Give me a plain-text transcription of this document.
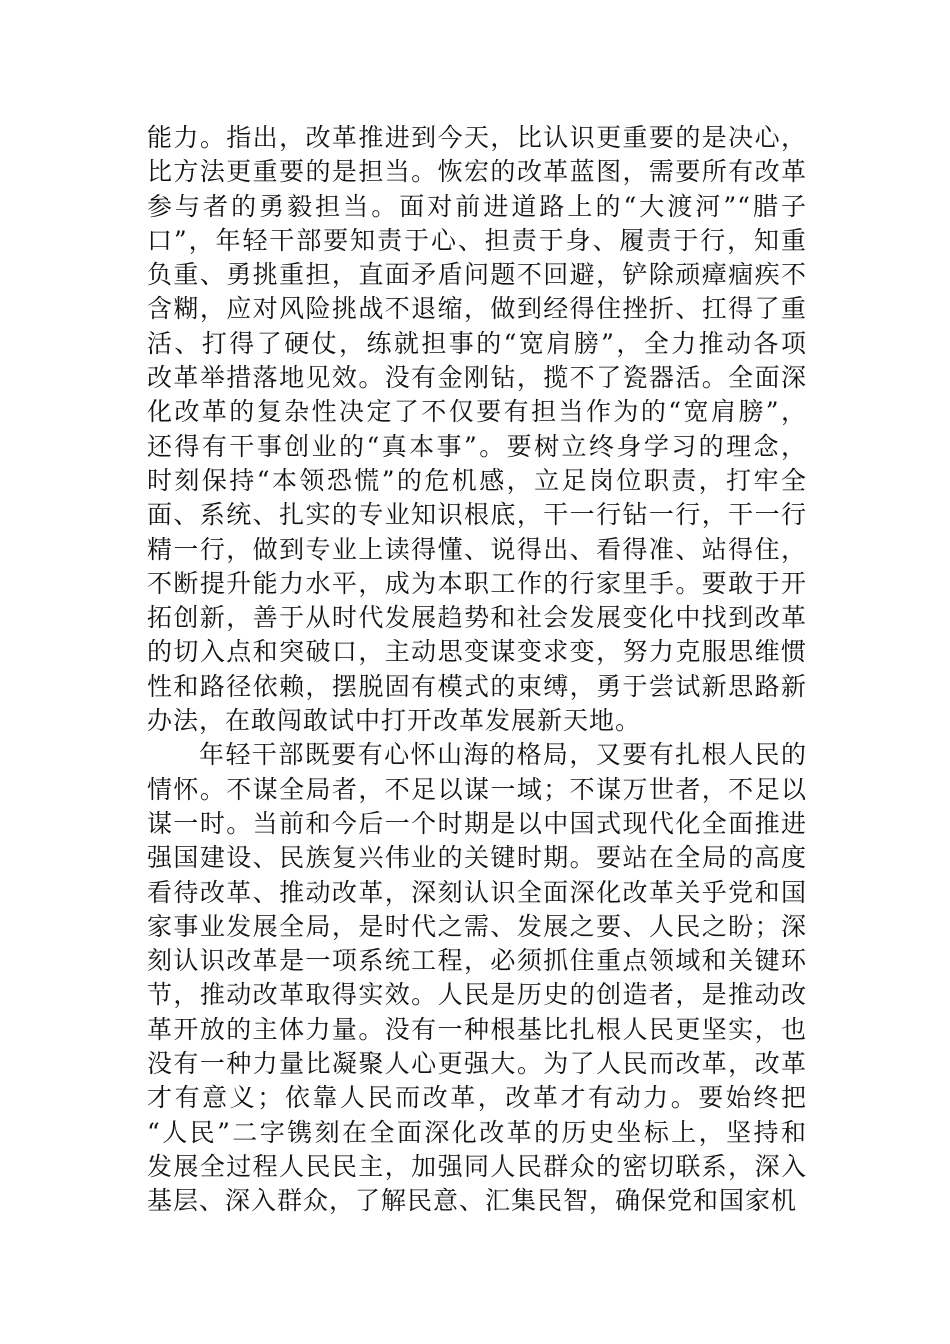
能力。指出，改革推进到今天，比认识更重要的是决心，
比方法更重要的是担当。恢宏的改革蓝图，需要所有改革
参与者的勇毅担当。面对前进道路上的“大渡河”“腊子
口”，年轻干部要知责于心、担责于身、履责于行，知重
负重、勇挑重担，直面矛盾问题不回避，铲除顽瘴痼疾不
含糊，应对风险挑战不退缩，做到经得住挫折、扛得了重
活、打得了硬仗，练就担事的“宽肩膀”，全力推动各项
改革举措落地见效。没有金刚钻，揽不了瓷器活。全面深
化改革的复杂性决定了不仅要有担当作为的“宽肩膀”，
还得有干事创业的“真本事”。要树立终身学习的理念，
时刻保持“本领恐慌”的危机感，立足岗位职责，打牢全
面、系统、扎实的专业知识根底，干一行钻一行，干一行
精一行，做到专业上读得懂、说得出、看得准、站得住，
不断提升能力水平，成为本职工作的行家里手。要敢于开
拓创新，善于从时代发展趋势和社会发展变化中找到改革
的切入点和突破口，主动思变谋变求变，努力克服思维惯
性和路径依赖，摆脱固有模式的束缚，勇于尝试新思路新
办法，在敢闯敢试中打开改革发展新天地。
年轻干部既要有心怀山海的格局，又要有扎根人民的
情怀。不谋全局者，不足以谋一域；不谋万世者，不足以
谋一时。当前和今后一个时期是以中国式现代化全面推进
强国建设、民族复兴伟业的关键时期。要站在全局的高度
看待改革、推动改革，深刻认识全面深化改革关乎党和国
家事业发展全局，是时代之需、发展之要、人民之盼；深
刻认识改革是一项系统工程，必须抓住重点领域和关键环
节，推动改革取得实效。人民是历史的创造者，是推动改
革开放的主体力量。没有一种根基比扎根人民更坚实，也
没有一种力量比凝聚人心更强大。为了人民而改革，改革
才有意义；依靠人民而改革，改革才有动力。要始终把
“人民”二字镌刻在全面深化改革的历史坐标上，坚持和
发展全过程人民民主，加强同人民群众的密切联系，深入
基层、深入群众，了解民意、汇集民智，确保党和国家机
